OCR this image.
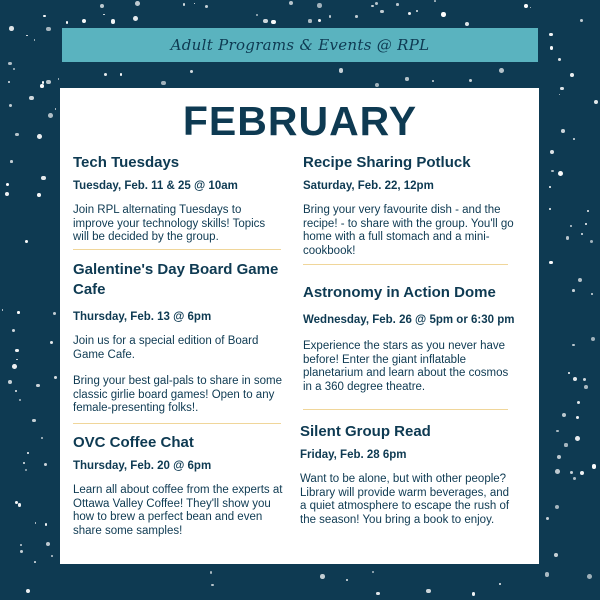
Adult Programs & Events @ RPL
FEBRUARY
Tech Tuesdays
Tuesday, Feb. 11 & 25 @ 10am

Join RPL alternating Tuesdays to improve your technology skills! Topics will be decided by the group.

Galentine's Day Board Game Cafe
Thursday, Feb. 13 @ 6pm

Join us for a special edition of Board Game Cafe.

Bring your best gal-pals to share in some classic girlie board games! Open to any female-presenting folks!.

OVC Coffee Chat
Thursday, Feb. 20 @ 6pm

Learn all about coffee from the experts at Ottawa Valley Coffee! They'll show you how to brew a perfect bean and even share some samples!

Recipe Sharing Potluck
Saturday, Feb. 22, 12pm

Bring your very favourite dish - and the recipe! - to share with the group. You'll go home with a full stomach and a mini-cookbook!

Astronomy in Action Dome
Wednesday, Feb. 26 @ 5pm or 6:30 pm

Experience the stars as you never have before! Enter the giant inflatable planetarium and learn about the cosmos in a 360 degree theatre.

Silent Group Read
Friday, Feb. 28 6pm

Want to be alone, but with other people? Library will provide warm beverages, and a quiet atmosphere to escape the rush of the season! You bring a book to enjoy.
